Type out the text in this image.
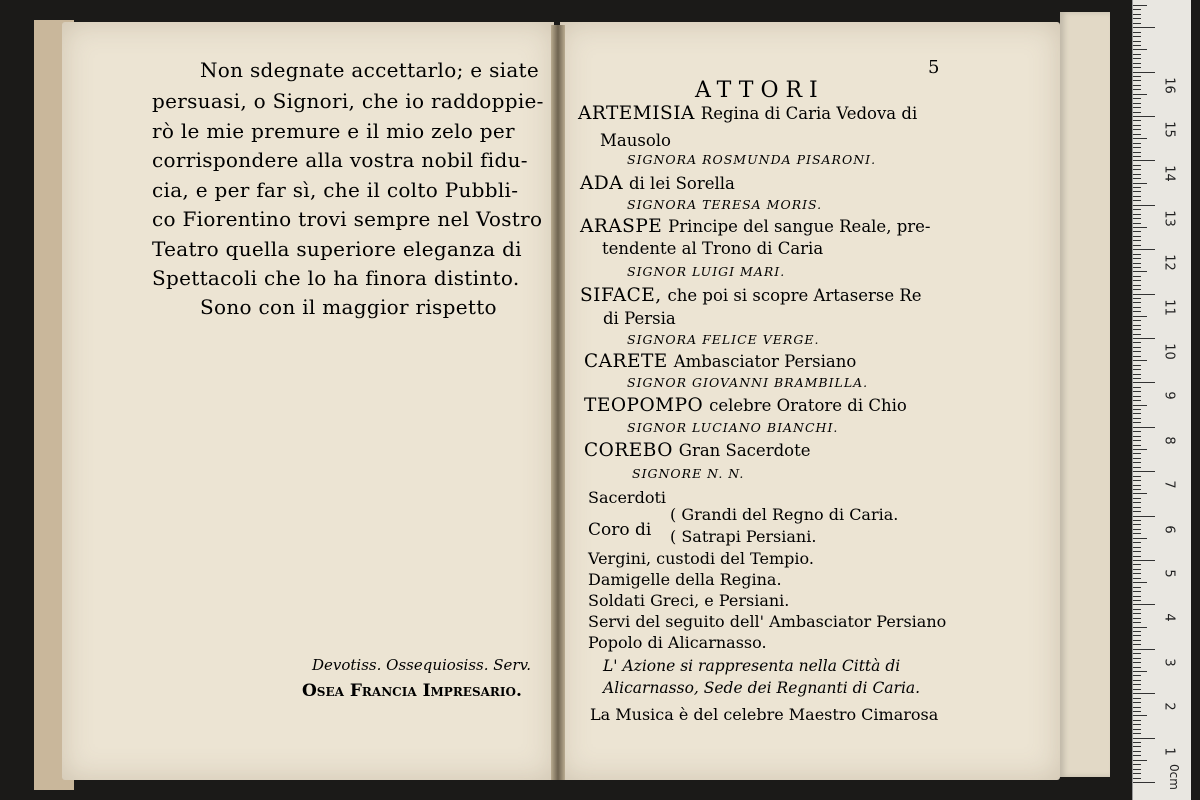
Non sdegnate accettarlo; e siate
persuasi, o Signori, che io raddoppie-
rò le mie premure e il mio zelo per
corrispondere alla vostra nobil fidu-
cia, e per far sì, che il colto Pubbli-
co Fiorentino trovi sempre nel Vostro
Teatro quella superiore eleganza di
Spettacoli che lo ha finora distinto.
Sono con il maggior rispetto
Devotiss. Ossequiosiss. Serv.
Osea Francia Impresario.
5
ATTORI
ARTEMISIA Regina di Caria Vedova di
Mausolo
SIGNORA ROSMUNDA PISARONI.
ADA di lei Sorella
SIGNORA TERESA MORIS.
ARASPE Principe del sangue Reale, pre-
tendente al Trono di Caria
SIGNOR LUIGI MARI.
SIFACE, che poi si scopre Artaserse Re
di Persia
SIGNORA FELICE VERGE.
CARETE Ambasciator Persiano
SIGNOR GIOVANNI BRAMBILLA.
TEOPOMPO celebre Oratore di Chio
SIGNOR LUCIANO BIANCHI.
COREBO Gran Sacerdote
SIGNORE N. N.
Sacerdoti
Coro di
( Grandi del Regno di Caria.
( Satrapi Persiani.
Vergini, custodi del Tempio.
Damigelle della Regina.
Soldati Greci, e Persiani.
Servi del seguito dell' Ambasciator Persiano
Popolo di Alicarnasso.
L' Azione si rappresenta nella Città di
Alicarnasso, Sede dei Regnanti di Caria.
La Musica è del celebre Maestro Cimarosa
0cm
1
2
3
4
5
6
7
8
9
10
11
12
13
14
15
16
